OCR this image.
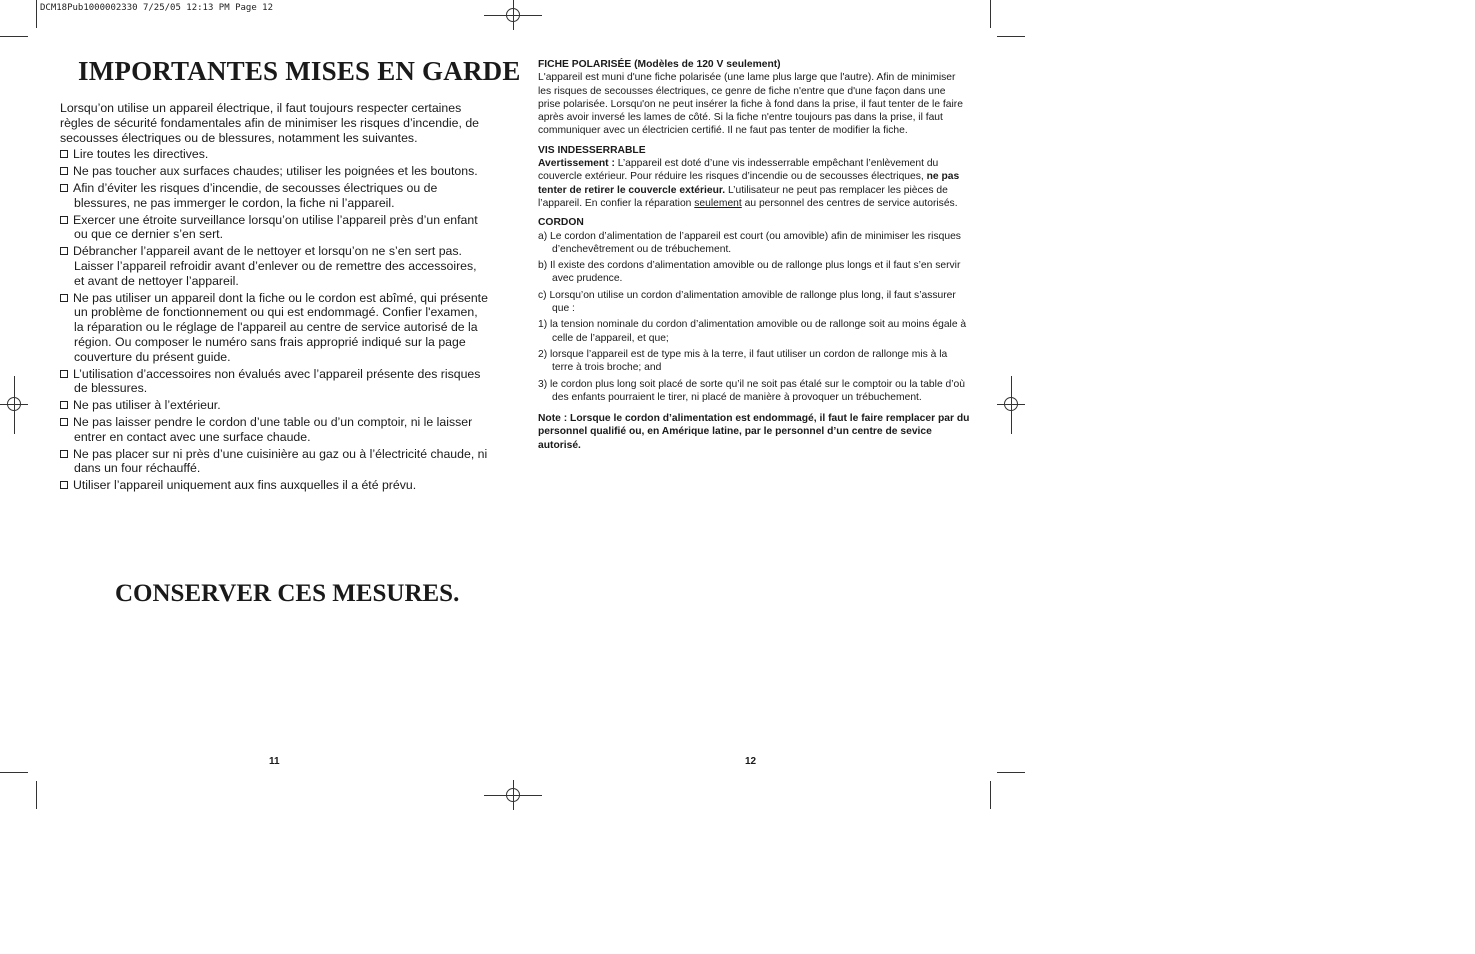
DCM18Pub1000002330 7/25/05 12:13 PM Page 12
IMPORTANTES MISES EN GARDE

Lorsqu’on utilise un appareil électrique, il faut toujours respecter certaines règles de sécurité fondamentales afin de minimiser les risques d’incendie, de secousses électriques ou de blessures, notamment les suivantes.

Lire toutes les directives.
Ne pas toucher aux surfaces chaudes; utiliser les poignées et les boutons.
Afin d’éviter les risques d’incendie, de secousses électriques ou de blessures, ne pas immerger le cordon, la fiche ni l’appareil.
Exercer une étroite surveillance lorsqu’on utilise l’appareil près d’un enfant ou que ce dernier s’en sert.
Débrancher l’appareil avant de le nettoyer et lorsqu’on ne s’en sert pas. Laisser l’appareil refroidir avant d’enlever ou de remettre des accessoires, et avant de nettoyer l’appareil.
Ne pas utiliser un appareil dont la fiche ou le cordon est abîmé, qui présente un problème de fonctionnement ou qui est endommagé. Confier l'examen, la réparation ou le réglage de l'appareil au centre de service autorisé de la région. Ou composer le numéro sans frais approprié indiqué sur la page couverture du présent guide.
L’utilisation d’accessoires non évalués avec l’appareil présente des risques de blessures.
Ne pas utiliser à l’extérieur.
Ne pas laisser pendre le cordon d’une table ou d’un comptoir, ni le laisser entrer en contact avec une surface chaude.
Ne pas placer sur ni près d’une cuisinière au gaz ou à l’électricité chaude, ni dans un four réchauffé.
Utiliser l’appareil uniquement aux fins auxquelles il a été prévu.
CONSERVER CES MESURES.
11

FICHE POLARISÉE (Modèles de 120 V seulement)

L'appareil est muni d'une fiche polarisée (une lame plus large que l'autre). Afin de minimiser les risques de secousses électriques, ce genre de fiche n'entre que d'une façon dans une prise polarisée. Lorsqu'on ne peut insérer la fiche à fond dans la prise, il faut tenter de le faire après avoir inversé les lames de côté. Si la fiche n'entre toujours pas dans la prise, il faut communiquer avec un électricien certifié. Il ne faut pas tenter de modifier la fiche.

VIS INDESSERRABLE

Avertissement : L’appareil est doté d’une vis indesserrable empêchant l’enlèvement du couvercle extérieur. Pour réduire les risques d’incendie ou de secousses électriques, ne pas tenter de retirer le couvercle extérieur. L’utilisateur ne peut pas remplacer les pièces de l’appareil. En confier la réparation seulement au personnel des centres de service autorisés.

CORDON

a) Le cordon d’alimentation de l’appareil est court (ou amovible) afin de minimiser les risques d’enchevêtrement ou de trébuchement.
b) Il existe des cordons d’alimentation amovible ou de rallonge plus longs et il faut s’en servir avec prudence.
c) Lorsqu’on utilise un cordon d’alimentation amovible de rallonge plus long, il faut s’assurer que :
1) la tension nominale du cordon d’alimentation amovible ou de rallonge soit au moins égale à celle de l’appareil, et que;
2) lorsque l’appareil est de type mis à la terre, il faut utiliser un cordon de rallonge mis à la terre à trois broche; and
3) le cordon plus long soit placé de sorte qu’il ne soit pas étalé sur le comptoir ou la table d’où des enfants pourraient le tirer, ni placé de manière à provoquer un trébuchement.

Note : Lorsque le cordon d’alimentation est endommagé, il faut le faire remplacer par du personnel qualifié ou, en Amérique latine, par le personnel d’un centre de sevice autorisé.

12
